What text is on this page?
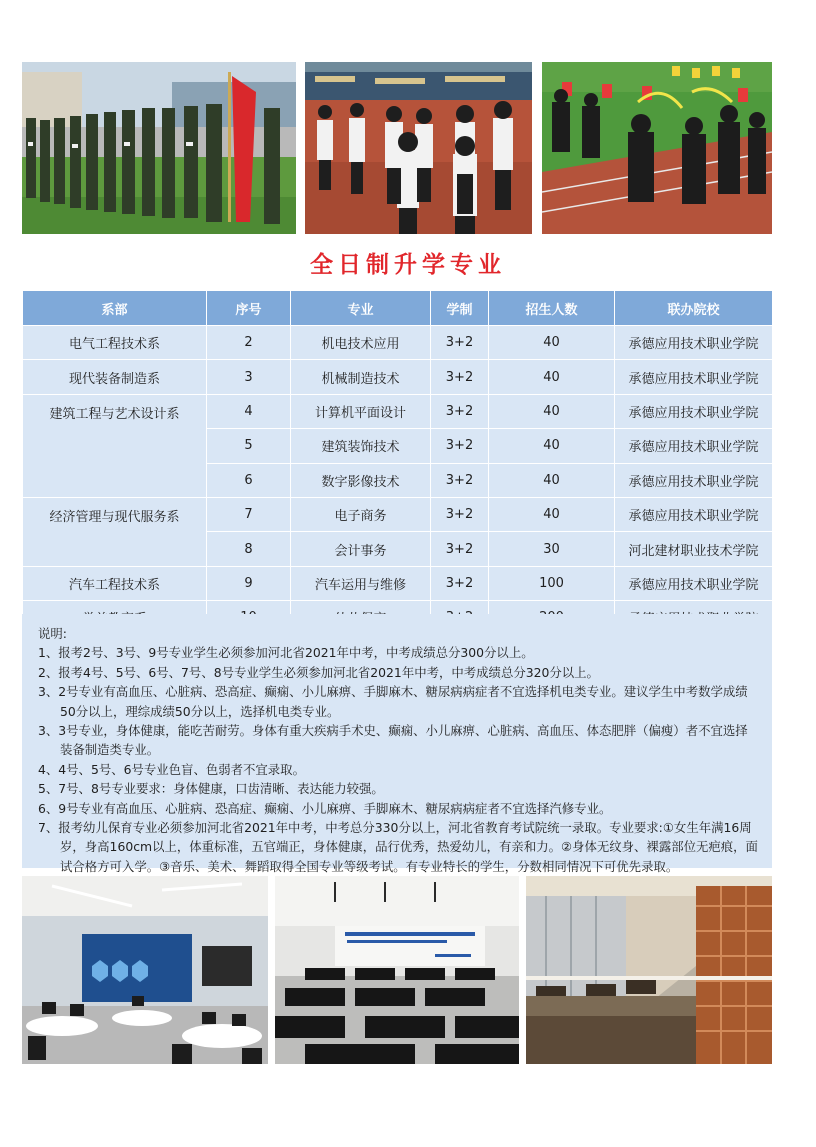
全日制升学专业
系部	序号	专业	学制	招生人数	联办院校
电气工程技术系	2	机电技术应用	3+2	40	承德应用技术职业学院
现代装备制造系	3	机械制造技术	3+2	40	承德应用技术职业学院
建筑工程与艺术设计系	4	计算机平面设计	3+2	40	承德应用技术职业学院
	5	建筑装饰技术	3+2	40	承德应用技术职业学院
	6	数字影像技术	3+2	40	承德应用技术职业学院
经济管理与现代服务系	7	电子商务	3+2	40	承德应用技术职业学院
	8	会计事务	3+2	30	河北建材职业技术学院
汽车工程技术系	9	汽车运用与维修	3+2	100	承德应用技术职业学院

说明:

1、报考2号、3号、9号专业学生必须参加河北省2021年中考，中考成绩总分300分以上。

2、报考4号、5号、6号、7号、8号专业学生必须参加河北省2021年中考，中考成绩总分320分以上。

3、2号专业有高血压、心脏病、恐高症、癫痫、小儿麻痹、手脚麻木、糖尿病病症者不宜选择机电类专业。建议学生中考数学成绩50分以上，理综成绩50分以上，选择机电类专业。

3、3号专业，身体健康，能吃苦耐劳。身体有重大疾病手术史、癫痫、小儿麻痹、心脏病、高血压、体态肥胖（偏瘦）者不宜选择装备制造类专业。

4、4号、5号、6号专业色盲、色弱者不宜录取。

5、7号、8号专业要求：身体健康，口齿清晰、表达能力较强。

6、9号专业有高血压、心脏病、恐高症、癫痫、小儿麻痹、手脚麻木、糖尿病病症者不宜选择汽修专业。

7、报考幼儿保育专业必须参加河北省2021年中考，中考总分330分以上，河北省教育考试院统一录取。专业要求:①女生年满16周岁，身高160cm以上，体重标准，五官端正，身体健康，品行优秀，热爱幼儿，有亲和力。②身体无纹身、裸露部位无疤痕，面试合格方可入学。③音乐、美术、舞蹈取得全国专业等级考试。有专业特长的学生，分数相同情况下可优先录取。
